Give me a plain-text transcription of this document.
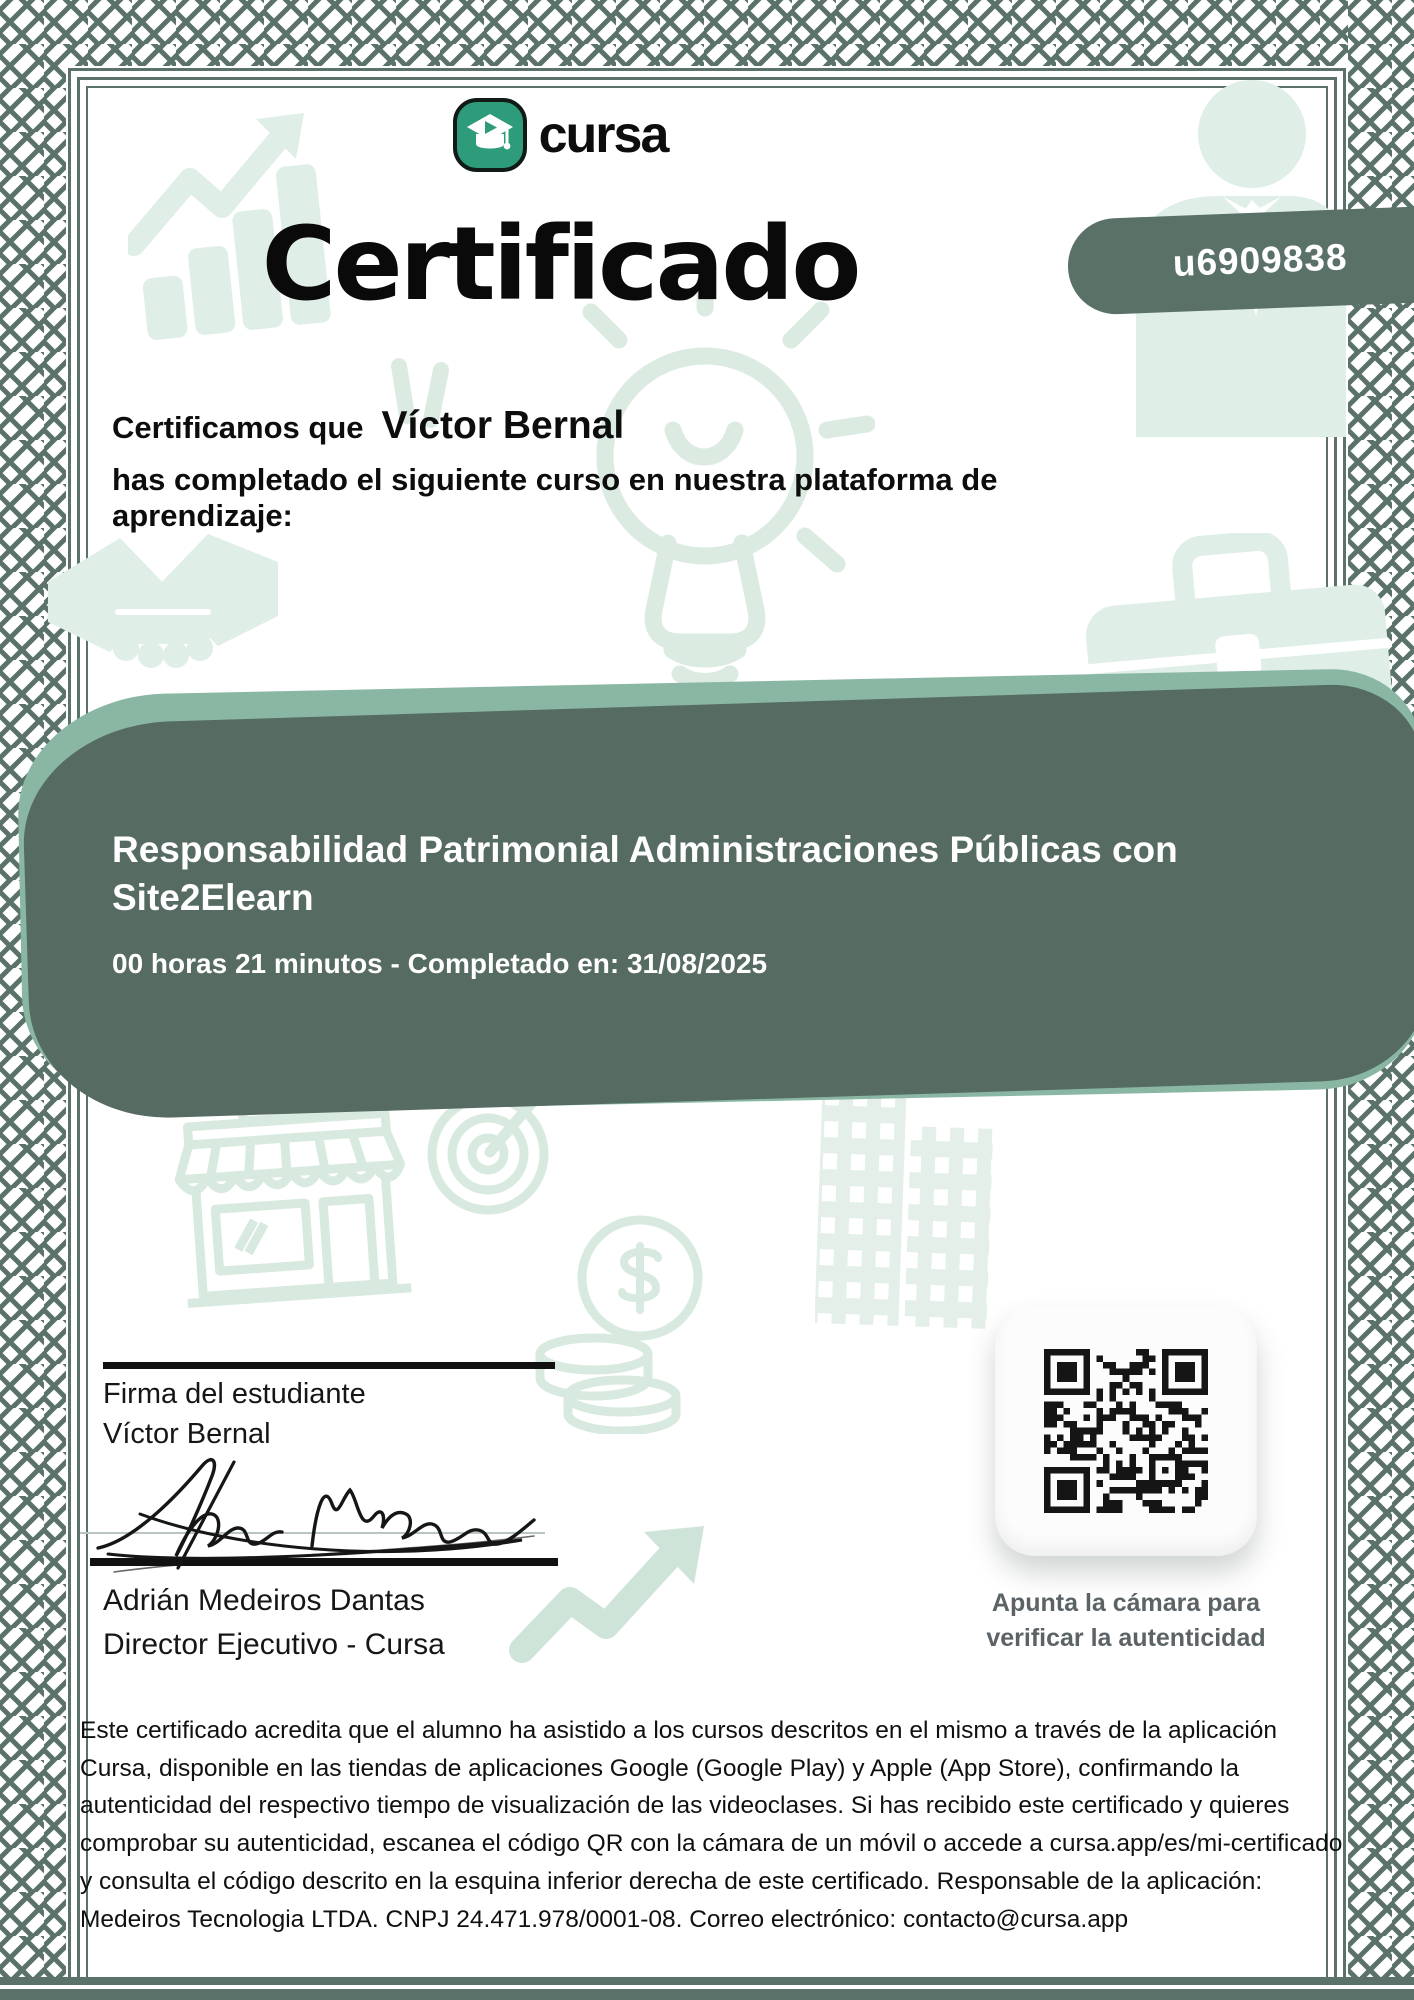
cursa
Certificado	u6909838
Certificamos que Víctor Bernal
has completado el siguiente curso en nuestra plataforma de aprendizaje:
Responsabilidad Patrimonial Administraciones Públicas con Site2Elearn
00 horas 21 minutos - Completado en: 31/08/2025
Firma del estudiante
Víctor Bernal
Adrián Medeiros Dantas
Director Ejecutivo - Cursa
Apunta la cámara para
verificar la autenticidad
Este certificado acredita que el alumno ha asistido a los cursos descritos en el mismo a través de la aplicación Cursa, disponible en las tiendas de aplicaciones Google (Google Play) y Apple (App Store), confirmando la autenticidad del respectivo tiempo de visualización de las videoclases. Si has recibido este certificado y quieres comprobar su autenticidad, escanea el código QR con la cámara de un móvil o accede a cursa.app/es/mi-certificado y consulta el código descrito en la esquina inferior derecha de este certificado. Responsable de la aplicación: Medeiros Tecnologia LTDA. CNPJ 24.471.978/0001-08. Correo electrónico: contacto@cursa.app
